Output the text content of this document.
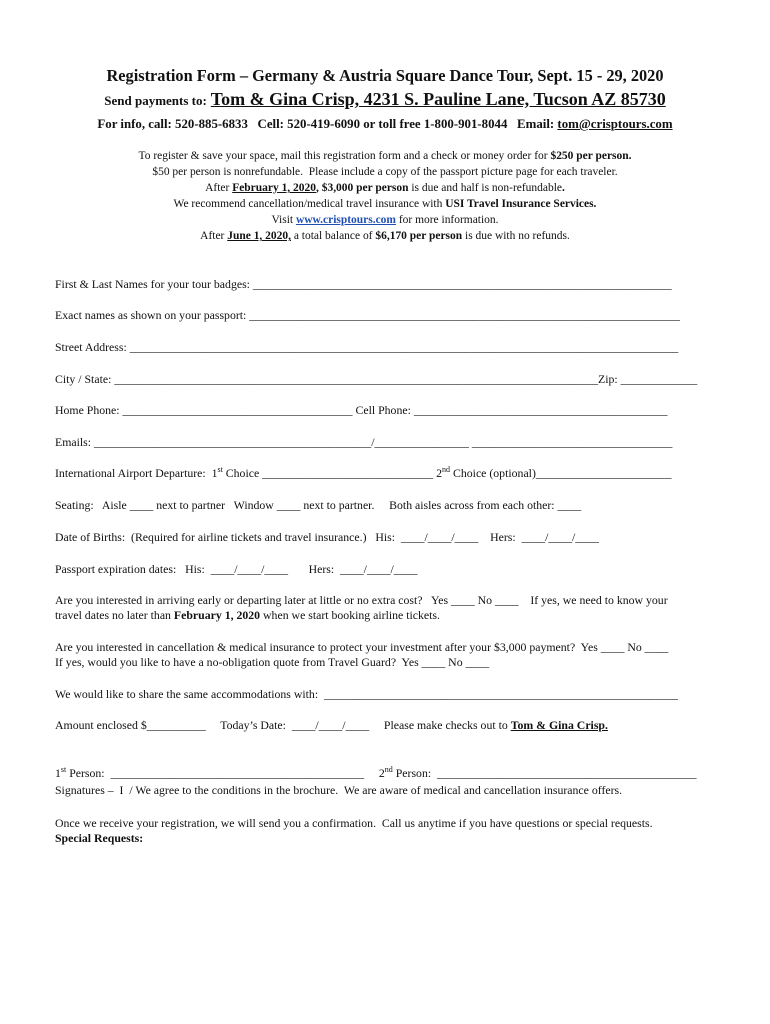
Registration Form – Germany & Austria Square Dance Tour, Sept. 15 - 29, 2020
Send payments to: Tom & Gina Crisp, 4231 S. Pauline Lane, Tucson AZ 85730
For info, call: 520-885-6833   Cell: 520-419-6090 or toll free 1-800-901-8044   Email: tom@crisptours.com
To register & save your space, mail this registration form and a check or money order for $250 per person.
$50 per person is nonrefundable.  Please include a copy of the passport picture page for each traveler.
After February 1, 2020, $3,000 per person is due and half is non-refundable.
We recommend cancellation/medical travel insurance with USI Travel Insurance Services.
Visit www.crisptours.com for more information.
After June 1, 2020, a total balance of $6,170 per person is due with no refunds.
First & Last Names for your tour badges: _______________________________________________________________________
Exact names as shown on your passport: _________________________________________________________________________
Street Address: _____________________________________________________________________________________________
City / State: __________________________________________________________________________________Zip: _____________
Home Phone: _______________________________________ Cell Phone: ___________________________________________
Emails: _______________________________________________/________________ __________________________________
International Airport Departure:  1st Choice _____________________________ 2nd Choice (optional)_______________________
Seating:   Aisle ____ next to partner   Window ____ next to partner.     Both aisles across from each other: ____
Date of Births:  (Required for airline tickets and travel insurance.)   His:  ____/____/____    Hers:  ____/____/____
Passport expiration dates:   His:  ____/____/____       Hers:  ____/____/____
Are you interested in arriving early or departing later at little or no extra cost?   Yes ____ No ____    If yes, we need to know your
travel dates no later than February 1, 2020 when we start booking airline tickets.
Are you interested in cancellation & medical insurance to protect your investment after your $3,000 payment?  Yes ____ No ____
If yes, would you like to have a no-obligation quote from Travel Guard?  Yes ____ No ____
We would like to share the same accommodations with:  ____________________________________________________________
Amount enclosed $__________     Today’s Date:  ____/____/____     Please make checks out to Tom & Gina Crisp.
1st Person:  ___________________________________________     2nd Person:  ____________________________________________
Signatures –  I  / We agree to the conditions in the brochure.  We are aware of medical and cancellation insurance offers.
Once we receive your registration, we will send you a confirmation.  Call us anytime if you have questions or special requests.
Special Requests:
